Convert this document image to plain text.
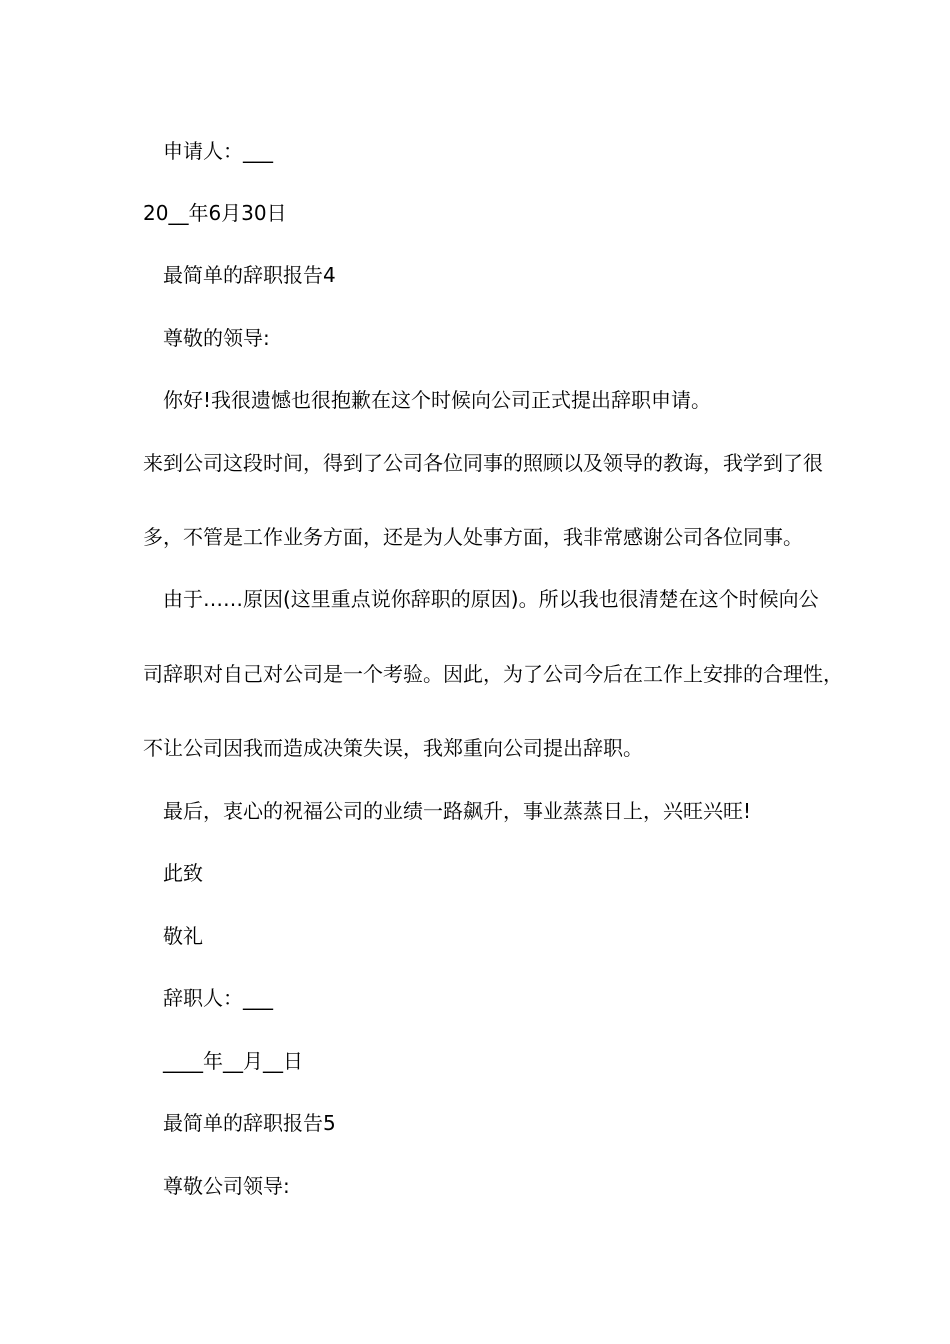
申请人：___
20__年6月30日
最简单的辞职报告4
尊敬的领导:
你好!我很遗憾也很抱歉在这个时候向公司正式提出辞职申请。
来到公司这段时间，得到了公司各位同事的照顾以及领导的教诲，我学到了很
多，不管是工作业务方面，还是为人处事方面，我非常感谢公司各位同事。
由于……原因(这里重点说你辞职的原因)。所以我也很清楚在这个时候向公
司辞职对自己对公司是一个考验。因此，为了公司今后在工作上安排的合理性，
不让公司因我而造成决策失误，我郑重向公司提出辞职。
最后，衷心的祝福公司的业绩一路飙升，事业蒸蒸日上，兴旺兴旺!
此致
敬礼
辞职人：___
____年__月__日
最简单的辞职报告5
尊敬公司领导:
